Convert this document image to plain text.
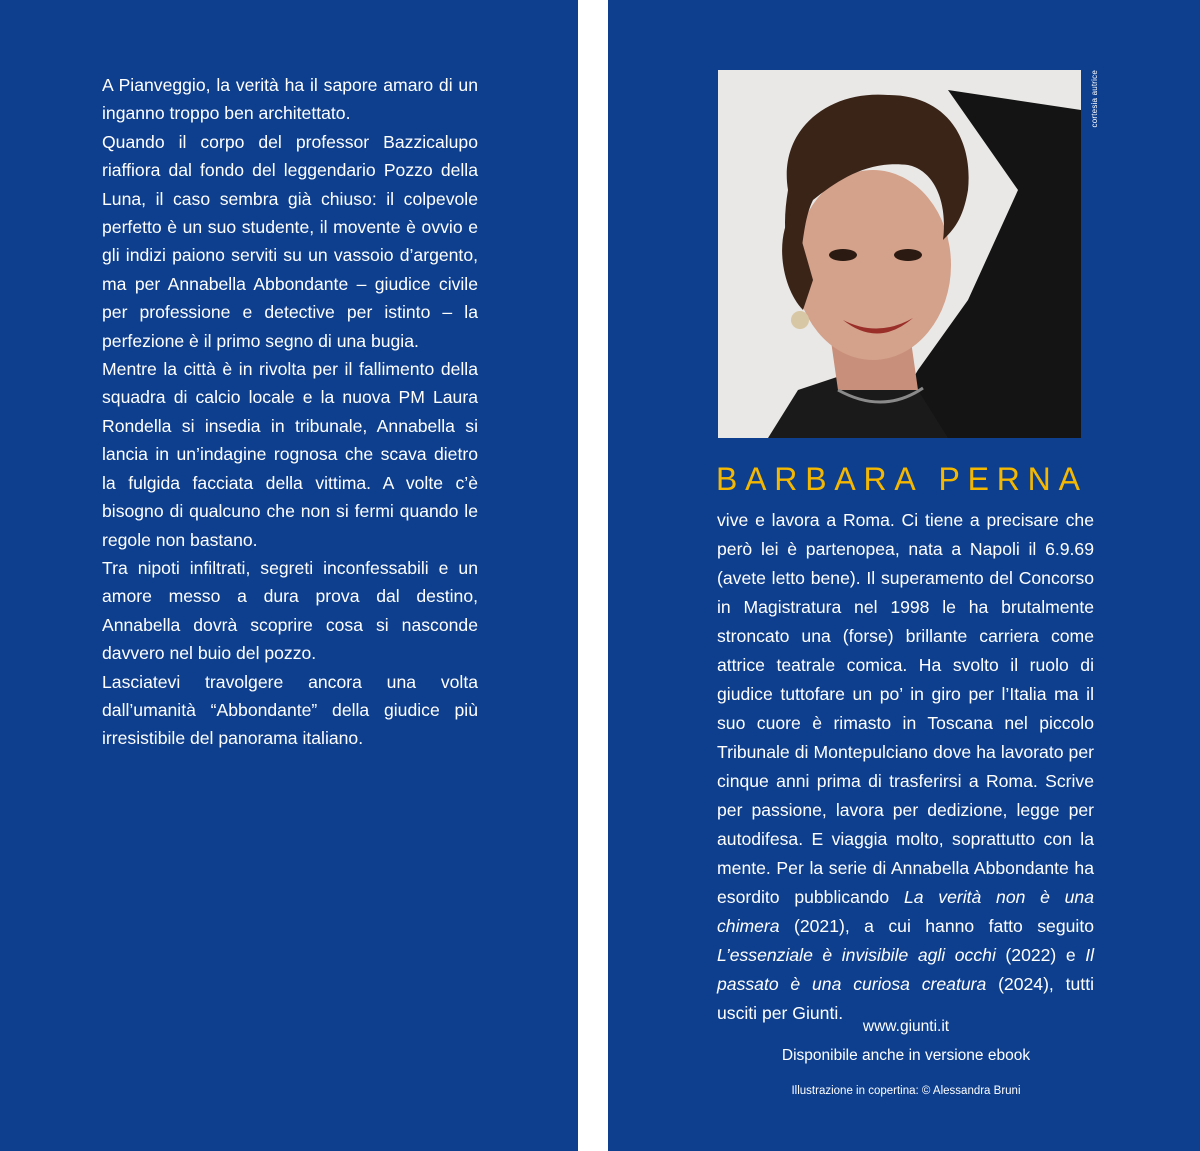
A Pianveggio, la verità ha il sapore amaro di un inganno troppo ben architettato.

Quando il corpo del professor Bazzicalupo riaffiora dal fondo del leggendario Pozzo della Luna, il caso sembra già chiuso: il colpevole perfetto è un suo studente, il movente è ovvio e gli indizi paiono serviti su un vassoio d’argento, ma per Annabella Abbondante – giudice civile per professione e detective per istinto – la perfezione è il primo segno di una bugia.

Mentre la città è in rivolta per il fallimento della squadra di calcio locale e la nuova PM Laura Rondella si insedia in tribunale, Annabella si lancia in un’indagine rognosa che scava dietro la fulgida facciata della vittima. A volte c’è bisogno di qualcuno che non si fermi quando le regole non bastano.

Tra nipoti infiltrati, segreti inconfessabili e un amore messo a dura prova dal destino, Annabella dovrà scoprire cosa si nasconde davvero nel buio del pozzo.

Lasciatevi travolgere ancora una volta dall’umanità “Abbondante” della giudice più irresistibile del panorama italiano.

cortesia autrice
BARBARA PERNA

vive e lavora a Roma. Ci tiene a precisare che però lei è partenopea, nata a Napoli il 6.9.69 (avete letto bene). Il superamento del Concorso in Magistratura nel 1998 le ha brutalmente stroncato una (forse) brillante carriera come attrice teatrale comica. Ha svolto il ruolo di giudice tuttofare un po’ in giro per l’Italia ma il suo cuore è rimasto in Toscana nel piccolo Tribunale di Montepulciano dove ha lavorato per cinque anni prima di trasferirsi a Roma. Scrive per passione, lavora per dedizione, legge per autodifesa. E viaggia molto, soprattutto con la mente. Per la serie di Annabella Abbondante ha esordito pubblicando La verità non è una chimera (2021), a cui hanno fatto seguito L’essenziale è invisibile agli occhi (2022) e Il passato è una curiosa creatura (2024), tutti usciti per Giunti.

www.giunti.it
Disponibile anche in versione ebook
Illustrazione in copertina: © Alessandra Bruni
